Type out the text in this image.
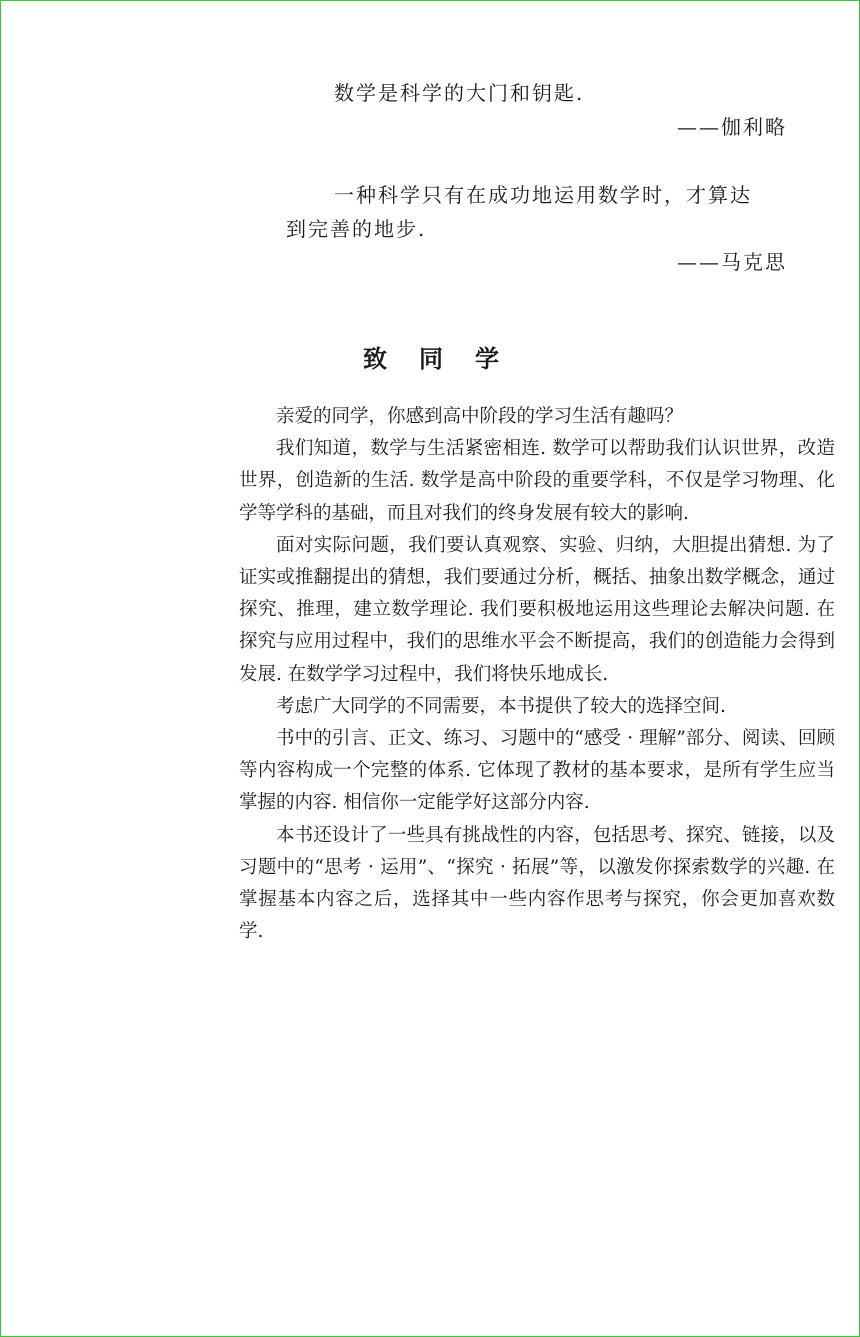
数学是科学的大门和钥匙.
——伽利略
一种科学只有在成功地运用数学时，才算达
到完善的地步.
——马克思
致同学

亲爱的同学，你感到高中阶段的学习生活有趣吗？

我们知道，数学与生活紧密相连. 数学可以帮助我们认识世界，改造世界，创造新的生活. 数学是高中阶段的重要学科，不仅是学习物理、化学等学科的基础，而且对我们的终身发展有较大的影响.

面对实际问题，我们要认真观察、实验、归纳，大胆提出猜想. 为了证实或推翻提出的猜想，我们要通过分析，概括、抽象出数学概念，通过探究、推理，建立数学理论. 我们要积极地运用这些理论去解决问题. 在探究与应用过程中，我们的思维水平会不断提高，我们的创造能力会得到发展. 在数学学习过程中，我们将快乐地成长.

考虑广大同学的不同需要，本书提供了较大的选择空间.

书中的引言、正文、练习、习题中的“感受 · 理解”部分、阅读、回顾等内容构成一个完整的体系. 它体现了教材的基本要求，是所有学生应当掌握的内容. 相信你一定能学好这部分内容.

本书还设计了一些具有挑战性的内容，包括思考、探究、链接，以及习题中的“思考 · 运用”、“探究 · 拓展”等，以激发你探索数学的兴趣. 在掌握基本内容之后，选择其中一些内容作思考与探究，你会更加喜欢数学.
